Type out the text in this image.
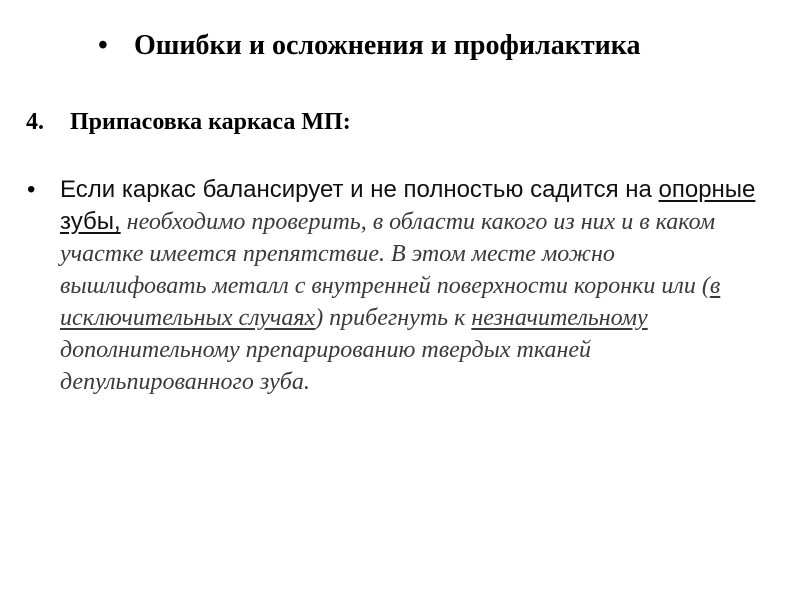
• Ошибки и осложнения и профилактика
4. Припасовка каркаса МП:
• Если каркас балансирует и не полностью садится на опорные зубы, необходимо проверить, в области какого из них и в каком участке имеется препятствие. В этом месте можно вышлифовать металл с внутренней поверхности коронки или (в исключительных случаях) прибегнуть к незначительному дополнительному препарированию твердых тканей депульпированного зуба.
